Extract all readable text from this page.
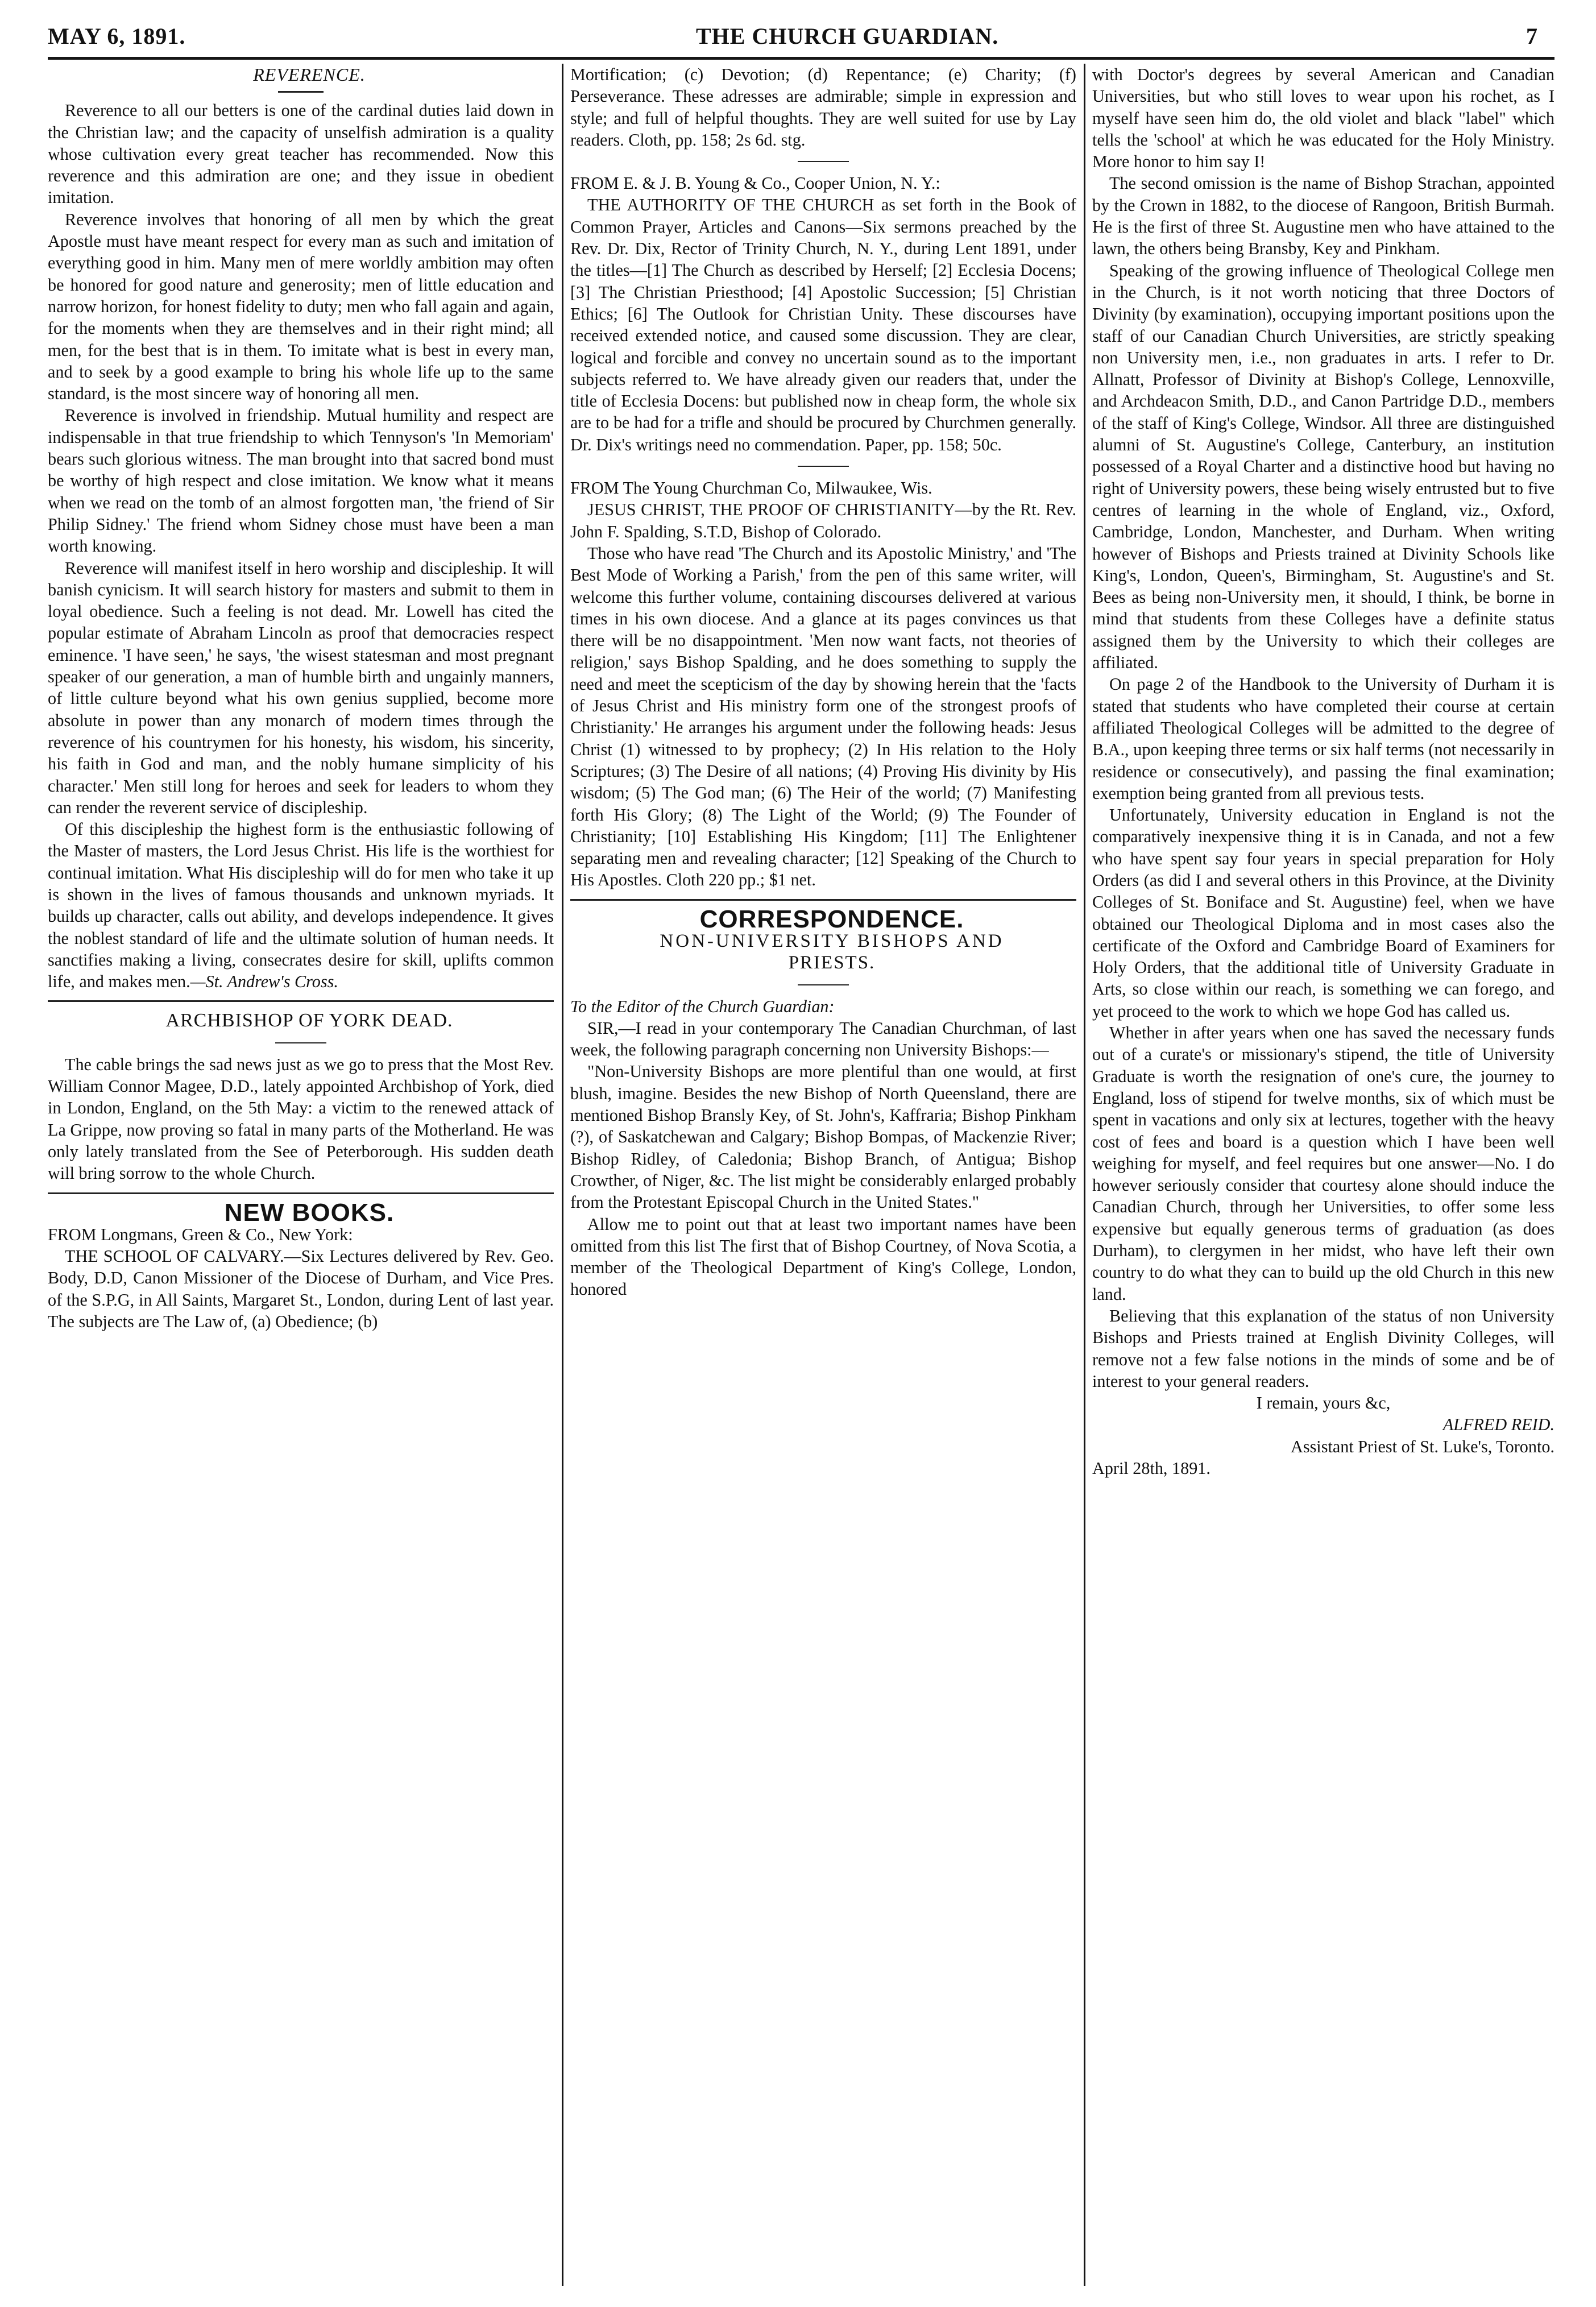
MAY 6, 1891.	THE CHURCH GUARDIAN.	7

REVERENCE.

Reverence to all our betters is one of the cardinal duties laid down in the Christian law; and the capacity of unselfish admiration is a quality whose cultivation every great teacher has recommended. Now this reverence and this admiration are one; and they issue in obedient imitation.

Reverence involves that honoring of all men by which the great Apostle must have meant respect for every man as such and imitation of everything good in him. Many men of mere worldly ambition may often be honored for good nature and generosity; men of little education and narrow horizon, for honest fidelity to duty; men who fall again and again, for the moments when they are themselves and in their right mind; all men, for the best that is in them. To imitate what is best in every man, and to seek by a good example to bring his whole life up to the same standard, is the most sincere way of honoring all men.

Reverence is involved in friendship. Mutual humility and respect are indispensable in that true friendship to which Tennyson's 'In Memoriam' bears such glorious witness. The man brought into that sacred bond must be worthy of high respect and close imitation. We know what it means when we read on the tomb of an almost forgotten man, 'the friend of Sir Philip Sidney.' The friend whom Sidney chose must have been a man worth knowing.

Reverence will manifest itself in hero worship and discipleship. It will banish cynicism. It will search history for masters and submit to them in loyal obedience. Such a feeling is not dead. Mr. Lowell has cited the popular estimate of Abraham Lincoln as proof that democracies respect eminence. 'I have seen,' he says, 'the wisest statesman and most pregnant speaker of our generation, a man of humble birth and ungainly manners, of little culture beyond what his own genius supplied, become more absolute in power than any monarch of modern times through the reverence of his countrymen for his honesty, his wisdom, his sincerity, his faith in God and man, and the nobly humane simplicity of his character.' Men still long for heroes and seek for leaders to whom they can render the reverent service of discipleship.

Of this discipleship the highest form is the enthusiastic following of the Master of masters, the Lord Jesus Christ. His life is the worthiest for continual imitation. What His discipleship will do for men who take it up is shown in the lives of famous thousands and unknown myriads. It builds up character, calls out ability, and develops independence. It gives the noblest standard of life and the ultimate solution of human needs. It sanctifies making a living, consecrates desire for skill, uplifts common life, and makes men.—St. Andrew's Cross.

ARCHBISHOP OF YORK DEAD.

The cable brings the sad news just as we go to press that the Most Rev. William Connor Magee, D.D., lately appointed Archbishop of York, died in London, England, on the 5th May: a victim to the renewed attack of La Grippe, now proving so fatal in many parts of the Motherland. He was only lately translated from the See of Peterborough. His sudden death will bring sorrow to the whole Church.

NEW BOOKS.

FROM Longmans, Green & Co., New York:

THE SCHOOL OF CALVARY.—Six Lectures delivered by Rev. Geo. Body, D.D, Canon Missioner of the Diocese of Durham, and Vice Pres. of the S.P.G, in All Saints, Margaret St., London, during Lent of last year. The subjects are The Law of, (a) Obedience; (b)

Mortification; (c) Devotion; (d) Repentance; (e) Charity; (f) Perseverance. These adresses are admirable; simple in expression and style; and full of helpful thoughts. They are well suited for use by Lay readers. Cloth, pp. 158; 2s 6d. stg.

FROM E. & J. B. Young & Co., Cooper Union, N. Y.:

THE AUTHORITY OF THE CHURCH as set forth in the Book of Common Prayer, Articles and Canons—Six sermons preached by the Rev. Dr. Dix, Rector of Trinity Church, N. Y., during Lent 1891, under the titles—[1] The Church as described by Herself; [2] Ecclesia Docens; [3] The Christian Priesthood; [4] Apostolic Succession; [5] Christian Ethics; [6] The Outlook for Christian Unity. These discourses have received extended notice, and caused some discussion. They are clear, logical and forcible and convey no uncertain sound as to the important subjects referred to. We have already given our readers that, under the title of Ecclesia Docens: but published now in cheap form, the whole six are to be had for a trifle and should be procured by Churchmen generally. Dr. Dix's writings need no commendation. Paper, pp. 158; 50c.

FROM The Young Churchman Co, Milwaukee, Wis.

JESUS CHRIST, THE PROOF OF CHRISTIANITY—by the Rt. Rev. John F. Spalding, S.T.D, Bishop of Colorado.

Those who have read 'The Church and its Apostolic Ministry,' and 'The Best Mode of Working a Parish,' from the pen of this same writer, will welcome this further volume, containing discourses delivered at various times in his own diocese. And a glance at its pages convinces us that there will be no disappointment. 'Men now want facts, not theories of religion,' says Bishop Spalding, and he does something to supply the need and meet the scepticism of the day by showing herein that the 'facts of Jesus Christ and His ministry form one of the strongest proofs of Christianity.' He arranges his argument under the following heads: Jesus Christ (1) witnessed to by prophecy; (2) In His relation to the Holy Scriptures; (3) The Desire of all nations; (4) Proving His divinity by His wisdom; (5) The God man; (6) The Heir of the world; (7) Manifesting forth His Glory; (8) The Light of the World; (9) The Founder of Christianity; [10] Establishing His Kingdom; [11] The Enlightener separating men and revealing character; [12] Speaking of the Church to His Apostles. Cloth 220 pp.; $1 net.

CORRESPONDENCE.

NON-UNIVERSITY BISHOPS AND

PRIESTS.

To the Editor of the Church Guardian:

SIR,—I read in your contemporary The Canadian Churchman, of last week, the following paragraph concerning non University Bishops:—

"Non-University Bishops are more plentiful than one would, at first blush, imagine. Besides the new Bishop of North Queensland, there are mentioned Bishop Bransly Key, of St. John's, Kaffraria; Bishop Pinkham (?), of Saskatchewan and Calgary; Bishop Bompas, of Mackenzie River; Bishop Ridley, of Caledonia; Bishop Branch, of Antigua; Bishop Crowther, of Niger, &c. The list might be considerably enlarged probably from the Protestant Episcopal Church in the United States."

Allow me to point out that at least two important names have been omitted from this list The first that of Bishop Courtney, of Nova Scotia, a member of the Theological Department of King's College, London, honored

with Doctor's degrees by several American and Canadian Universities, but who still loves to wear upon his rochet, as I myself have seen him do, the old violet and black "label" which tells the 'school' at which he was educated for the Holy Ministry. More honor to him say I!

The second omission is the name of Bishop Strachan, appointed by the Crown in 1882, to the diocese of Rangoon, British Burmah. He is the first of three St. Augustine men who have attained to the lawn, the others being Bransby, Key and Pinkham.

Speaking of the growing influence of Theological College men in the Church, is it not worth noticing that three Doctors of Divinity (by examination), occupying important positions upon the staff of our Canadian Church Universities, are strictly speaking non University men, i.e., non graduates in arts. I refer to Dr. Allnatt, Professor of Divinity at Bishop's College, Lennoxville, and Archdeacon Smith, D.D., and Canon Partridge D.D., members of the staff of King's College, Windsor. All three are distinguished alumni of St. Augustine's College, Canterbury, an institution possessed of a Royal Charter and a distinctive hood but having no right of University powers, these being wisely entrusted but to five centres of learning in the whole of England, viz., Oxford, Cambridge, London, Manchester, and Durham. When writing however of Bishops and Priests trained at Divinity Schools like King's, London, Queen's, Birmingham, St. Augustine's and St. Bees as being non-University men, it should, I think, be borne in mind that students from these Colleges have a definite status assigned them by the University to which their colleges are affiliated.

On page 2 of the Handbook to the University of Durham it is stated that students who have completed their course at certain affiliated Theological Colleges will be admitted to the degree of B.A., upon keeping three terms or six half terms (not necessarily in residence or consecutively), and passing the final examination; exemption being granted from all previous tests.

Unfortunately, University education in England is not the comparatively inexpensive thing it is in Canada, and not a few who have spent say four years in special preparation for Holy Orders (as did I and several others in this Province, at the Divinity Colleges of St. Boniface and St. Augustine) feel, when we have obtained our Theological Diploma and in most cases also the certificate of the Oxford and Cambridge Board of Examiners for Holy Orders, that the additional title of University Graduate in Arts, so close within our reach, is something we can forego, and yet proceed to the work to which we hope God has called us.

Whether in after years when one has saved the necessary funds out of a curate's or missionary's stipend, the title of University Graduate is worth the resignation of one's cure, the journey to England, loss of stipend for twelve months, six of which must be spent in vacations and only six at lectures, together with the heavy cost of fees and board is a question which I have been well weighing for myself, and feel requires but one answer—No. I do however seriously consider that courtesy alone should induce the Canadian Church, through her Universities, to offer some less expensive but equally generous terms of graduation (as does Durham), to clergymen in her midst, who have left their own country to do what they can to build up the old Church in this new land.

Believing that this explanation of the status of non University Bishops and Priests trained at English Divinity Colleges, will remove not a few false notions in the minds of some and be of interest to your general readers.

I remain, yours &c,

ALFRED REID.

Assistant Priest of St. Luke's, Toronto.

April 28th, 1891.
